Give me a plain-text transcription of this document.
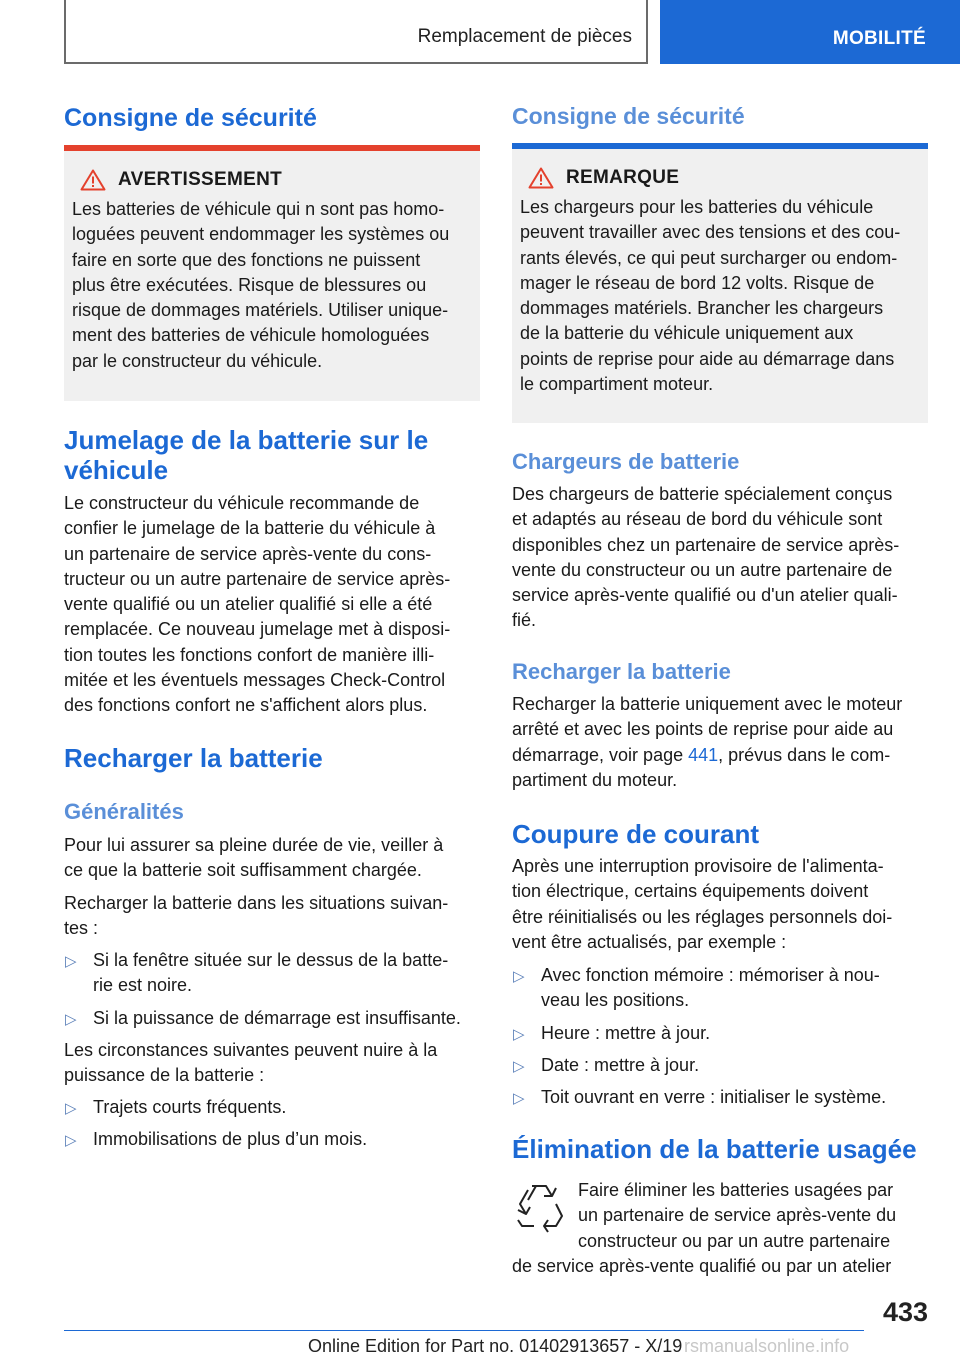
Remplacement de pièces	MOBILITÉ
Consigne de sécurité
AVERTISSEMENT
Les batteries de véhicule qui n sont pas homo-
loguées peuvent endommager les systèmes ou
faire en sorte que des fonctions ne puissent
plus être exécutées. Risque de blessures ou
risque de dommages matériels. Utiliser unique-
ment des batteries de véhicule homologuées
par le constructeur du véhicule.
Jumelage de la batterie sur le véhicule
Le constructeur du véhicule recommande de
confier le jumelage de la batterie du véhicule à
un partenaire de service après-vente du cons-
tructeur ou un autre partenaire de service après-
vente qualifié ou un atelier qualifié si elle a été
remplacée. Ce nouveau jumelage met à disposi-
tion toutes les fonctions confort de manière illi-
mitée et les éventuels messages Check-Control
des fonctions confort ne s'affichent alors plus.
Recharger la batterie
Généralités
Pour lui assurer sa pleine durée de vie, veiller à
ce que la batterie soit suffisamment chargée.
Recharger la batterie dans les situations suivan-
tes :
▷ Si la fenêtre située sur le dessus de la batte-
rie est noire.
▷ Si la puissance de démarrage est insuffisante.
Les circonstances suivantes peuvent nuire à la
puissance de la batterie :
▷ Trajets courts fréquents.
▷ Immobilisations de plus d’un mois.
Consigne de sécurité
REMARQUE
Les chargeurs pour les batteries du véhicule
peuvent travailler avec des tensions et des cou-
rants élevés, ce qui peut surcharger ou endom-
mager le réseau de bord 12 volts. Risque de
dommages matériels. Brancher les chargeurs
de la batterie du véhicule uniquement aux
points de reprise pour aide au démarrage dans
le compartiment moteur.
Chargeurs de batterie
Des chargeurs de batterie spécialement conçus
et adaptés au réseau de bord du véhicule sont
disponibles chez un partenaire de service après-
vente du constructeur ou un autre partenaire de
service après-vente qualifié ou d'un atelier quali-
fié.
Recharger la batterie
Recharger la batterie uniquement avec le moteur
arrêté et avec les points de reprise pour aide au
démarrage, voir page 441, prévus dans le com-
partiment du moteur.
Coupure de courant
Après une interruption provisoire de l'alimenta-
tion électrique, certains équipements doivent
être réinitialisés ou les réglages personnels doi-
vent être actualisés, par exemple :
▷ Avec fonction mémoire : mémoriser à nou-
veau les positions.
▷ Heure : mettre à jour.
▷ Date : mettre à jour.
▷ Toit ouvrant en verre : initialiser le système.
Élimination de la batterie usagée
Faire éliminer les batteries usagées par
un partenaire de service après-vente du
constructeur ou par un autre partenaire
de service après-vente qualifié ou par un atelier
433
Online Edition for Part no. 01402913657 - X/19 rsmanualsonline.info
